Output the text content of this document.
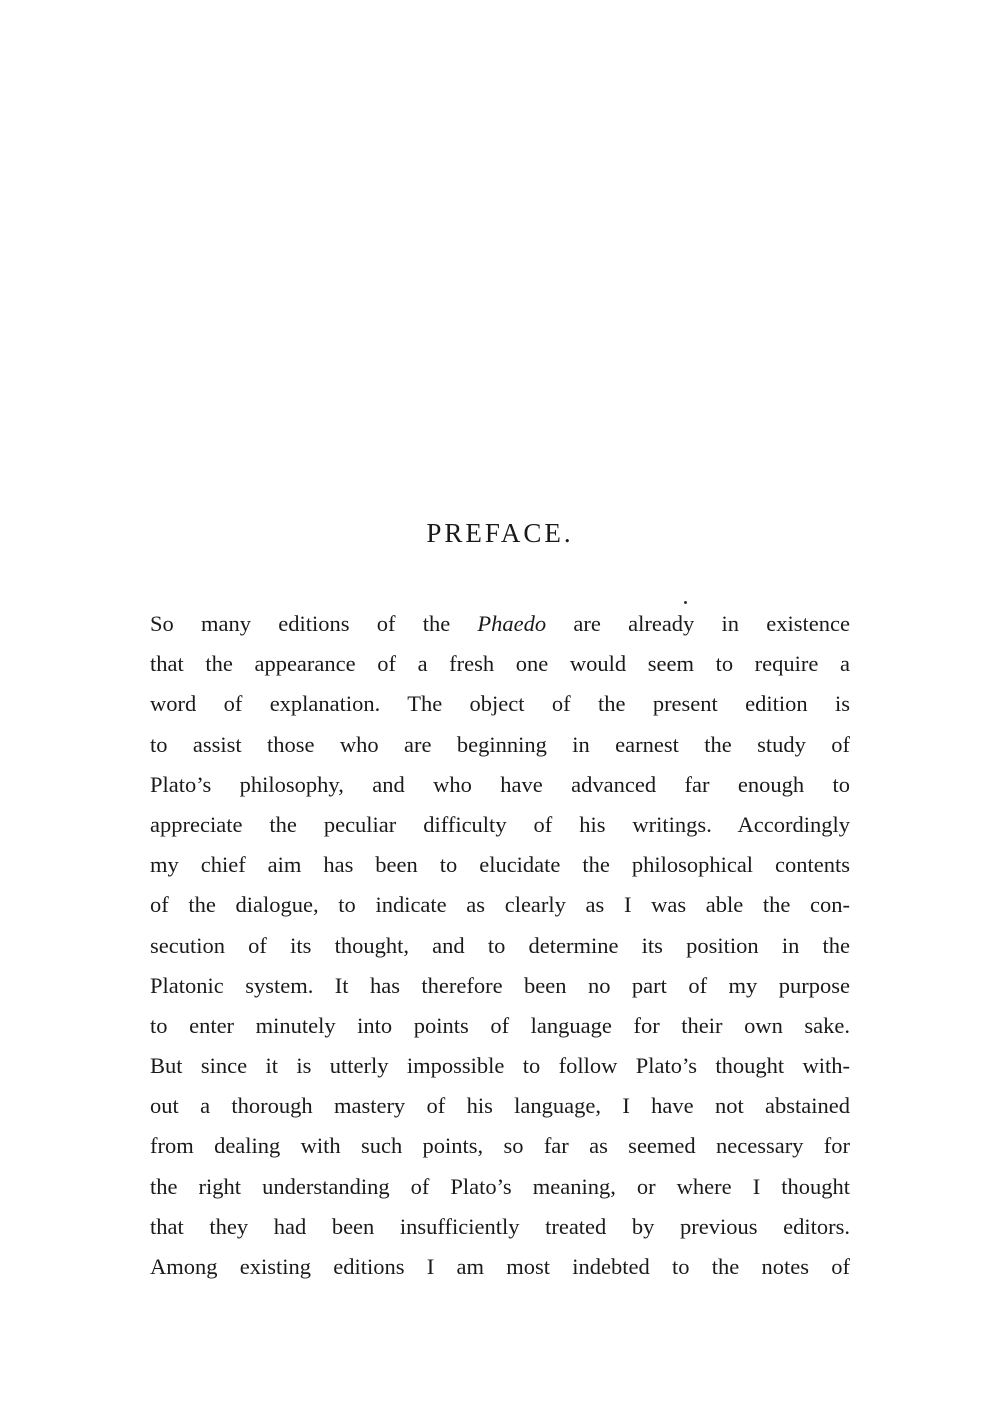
PREFACE.
So many editions of the Phaedo are already in existence
that the appearance of a fresh one would seem to require a
word of explanation. The object of the present edition is
to assist those who are beginning in earnest the study of
Plato’s philosophy, and who have advanced far enough to
appreciate the peculiar difficulty of his writings. Accordingly
my chief aim has been to elucidate the philosophical contents
of the dialogue, to indicate as clearly as I was able the con-
secution of its thought, and to determine its position in the
Platonic system. It has therefore been no part of my purpose
to enter minutely into points of language for their own sake.
But since it is utterly impossible to follow Plato’s thought with-
out a thorough mastery of his language, I have not abstained
from dealing with such points, so far as seemed necessary for
the right understanding of Plato’s meaning, or where I thought
that they had been insufficiently treated by previous editors.
Among existing editions I am most indebted to the notes of
